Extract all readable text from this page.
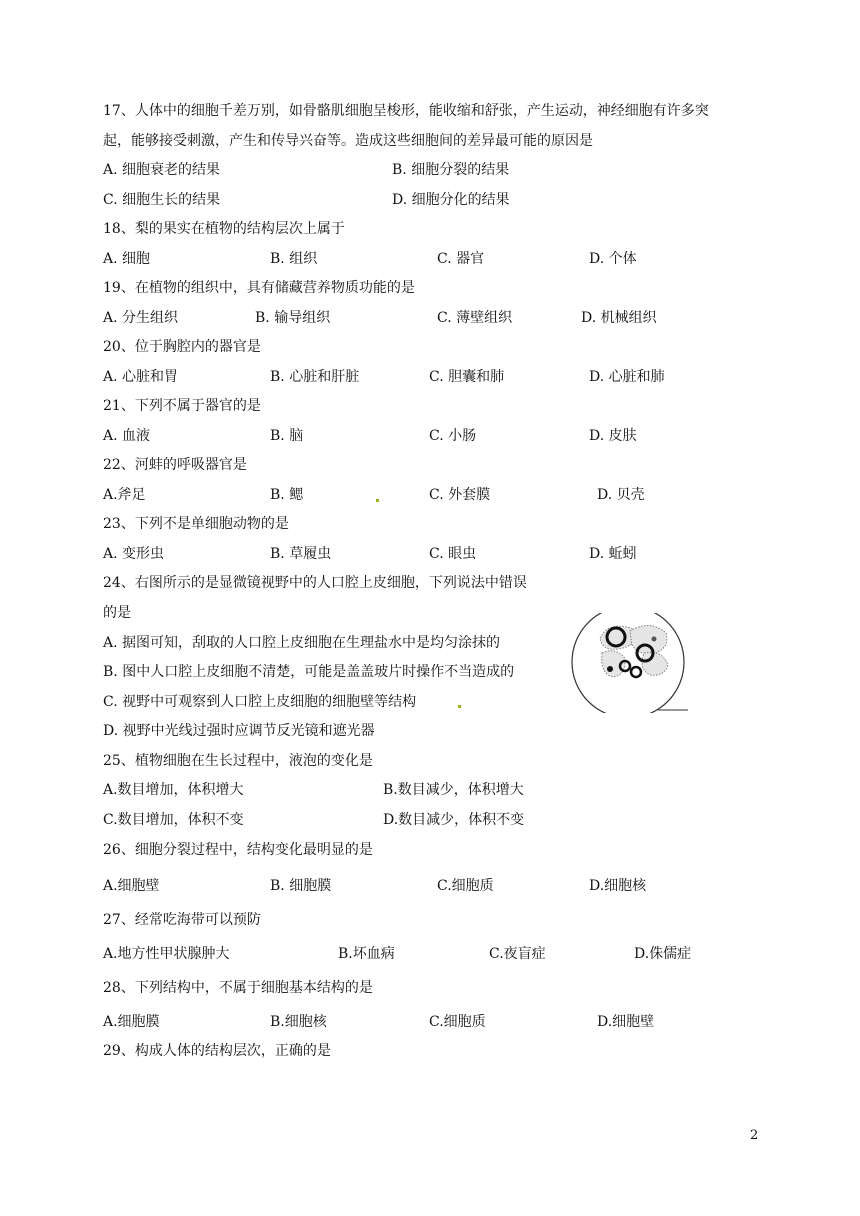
17、人体中的细胞千差万别，如骨骼肌细胞呈梭形，能收缩和舒张，产生运动，神经细胞有许多突
起，能够接受刺激，产生和传导兴奋等。造成这些细胞间的差异最可能的原因是
A. 细胞衰老的结果	B. 细胞分裂的结果
C. 细胞生长的结果	D. 细胞分化的结果
18、梨的果实在植物的结构层次上属于
A. 细胞	B. 组织	C. 器官	D. 个体
19、在植物的组织中，具有储藏营养物质功能的是
A. 分生组织	B. 输导组织	C. 薄壁组织	D. 机械组织
20、位于胸腔内的器官是
A. 心脏和胃	B. 心脏和肝脏	C. 胆囊和肺	D. 心脏和肺
21、下列不属于器官的是
A. 血液	B. 脑	C. 小肠	D. 皮肤
22、河蚌的呼吸器官是
A.斧足	B. 鳃	C. 外套膜	D. 贝壳
23、下列不是单细胞动物的是
A. 变形虫	B. 草履虫	C. 眼虫	D. 蚯蚓
24、右图所示的是显微镜视野中的人口腔上皮细胞，下列说法中错误
的是
A. 据图可知，刮取的人口腔上皮细胞在生理盐水中是均匀涂抹的
B. 图中人口腔上皮细胞不清楚，可能是盖盖玻片时操作不当造成的
C. 视野中可观察到人口腔上皮细胞的细胞壁等结构
D. 视野中光线过强时应调节反光镜和遮光器
25、植物细胞在生长过程中，液泡的变化是
A.数目增加，体积增大	B.数目减少，体积增大
C.数目增加，体积不变	D.数目减少，体积不变
26、细胞分裂过程中，结构变化最明显的是
A.细胞壁	B. 细胞膜	C.细胞质	D.细胞核
27、经常吃海带可以预防
A.地方性甲状腺肿大	B.坏血病	C.夜盲症	D.侏儒症
28、下列结构中，不属于细胞基本结构的是
A.细胞膜	B.细胞核	C.细胞质	D.细胞壁
29、构成人体的结构层次，正确的是
2
